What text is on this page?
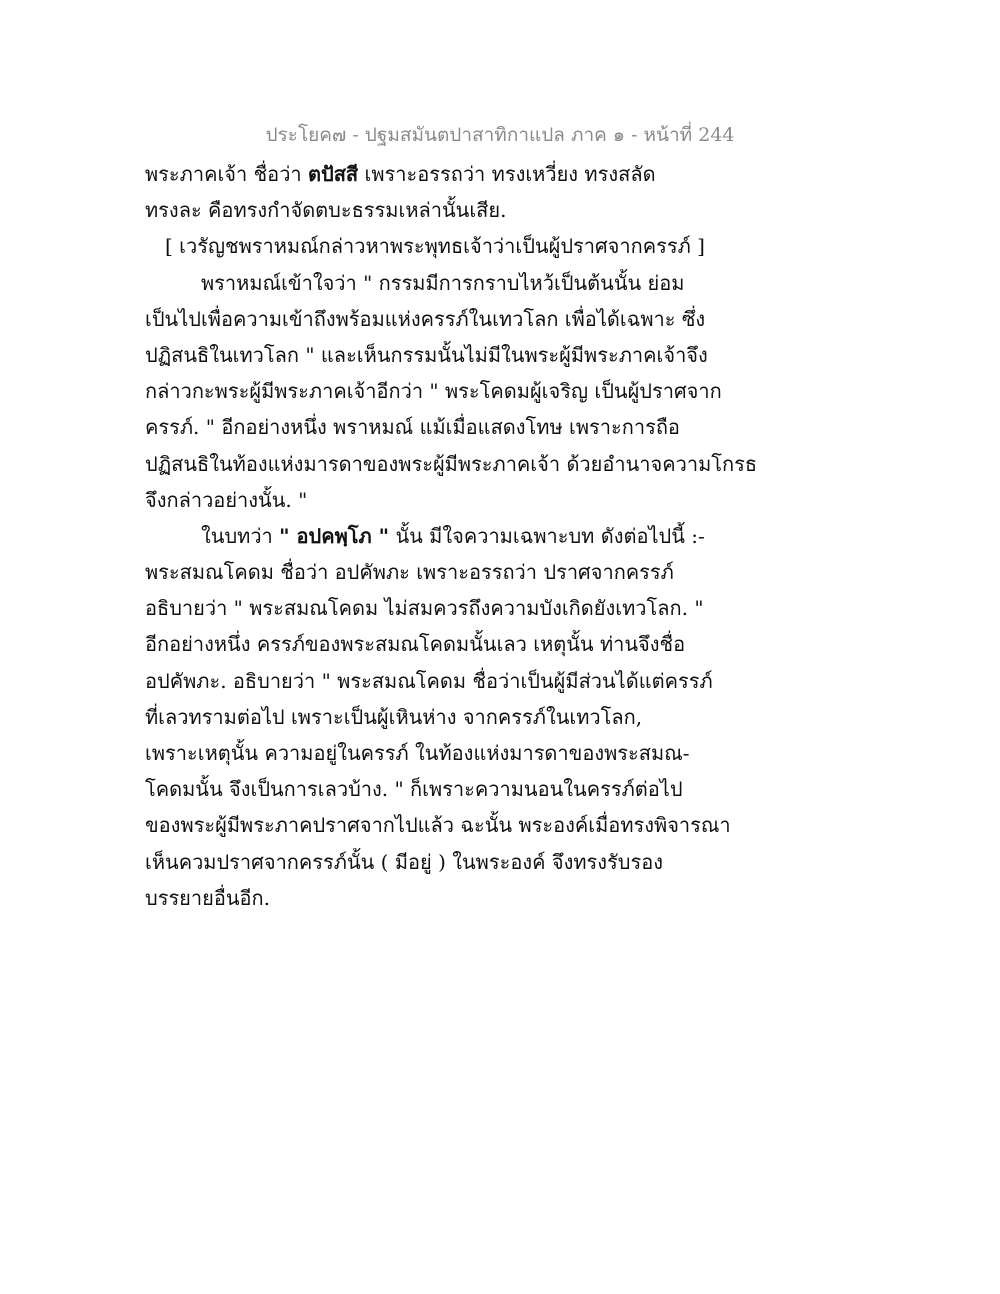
ประโยค๗ - ปฐมสมันตปาสาทิกาแปล ภาค ๑ - หน้าที่ 244
พระภาคเจ้า ชื่อว่า ตปัสสี เพราะอรรถว่า ทรงเหวี่ยง ทรงสลัด
ทรงละ คือทรงกำจัดตบะธรรมเหล่านั้นเสีย.
[ เวรัญชพราหมณ์กล่าวหาพระพุทธเจ้าว่าเป็นผู้ปราศจากครรภ์ ]
พราหมณ์เข้าใจว่า " กรรมมีการกราบไหว้เป็นต้นนั้น ย่อม
เป็นไปเพื่อความเข้าถึงพร้อมแห่งครรภ์ในเทวโลก เพื่อได้เฉพาะ ซึ่ง
ปฏิสนธิในเทวโลก " และเห็นกรรมนั้นไม่มีในพระผู้มีพระภาคเจ้าจึง
กล่าวกะพระผู้มีพระภาคเจ้าอีกว่า " พระโคดมผู้เจริญ เป็นผู้ปราศจาก
ครรภ์. " อีกอย่างหนึ่ง พราหมณ์ แม้เมื่อแสดงโทษ เพราะการถือ
ปฏิสนธิในท้องแห่งมารดาของพระผู้มีพระภาคเจ้า ด้วยอำนาจความโกรธ
จึงกล่าวอย่างนั้น. "
ในบทว่า " อปคพฺโภ " นั้น มีใจความเฉพาะบท ดังต่อไปนี้ :-
พระสมณโคดม ชื่อว่า อปคัพภะ เพราะอรรถว่า ปราศจากครรภ์
อธิบายว่า " พระสมณโคดม ไม่สมควรถึงความบังเกิดยังเทวโลก. "
อีกอย่างหนึ่ง ครรภ์ของพระสมณโคดมนั้นเลว เหตุนั้น ท่านจึงชื่อ
อปคัพภะ. อธิบายว่า " พระสมณโคดม ชื่อว่าเป็นผู้มีส่วนได้แต่ครรภ์
ที่เลวทรามต่อไป เพราะเป็นผู้เหินห่าง จากครรภ์ในเทวโลก,
เพราะเหตุนั้น ความอยู่ในครรภ์ ในท้องแห่งมารดาของพระสมณ-
โคดมนั้น จึงเป็นการเลวบ้าง. " ก็เพราะความนอนในครรภ์ต่อไป
ของพระผู้มีพระภาคปราศจากไปแล้ว ฉะนั้น พระองค์เมื่อทรงพิจารณา
เห็นควมปราศจากครรภ์นั้น ( มีอยู่ ) ในพระองค์ จึงทรงรับรอง
บรรยายอื่นอีก.
